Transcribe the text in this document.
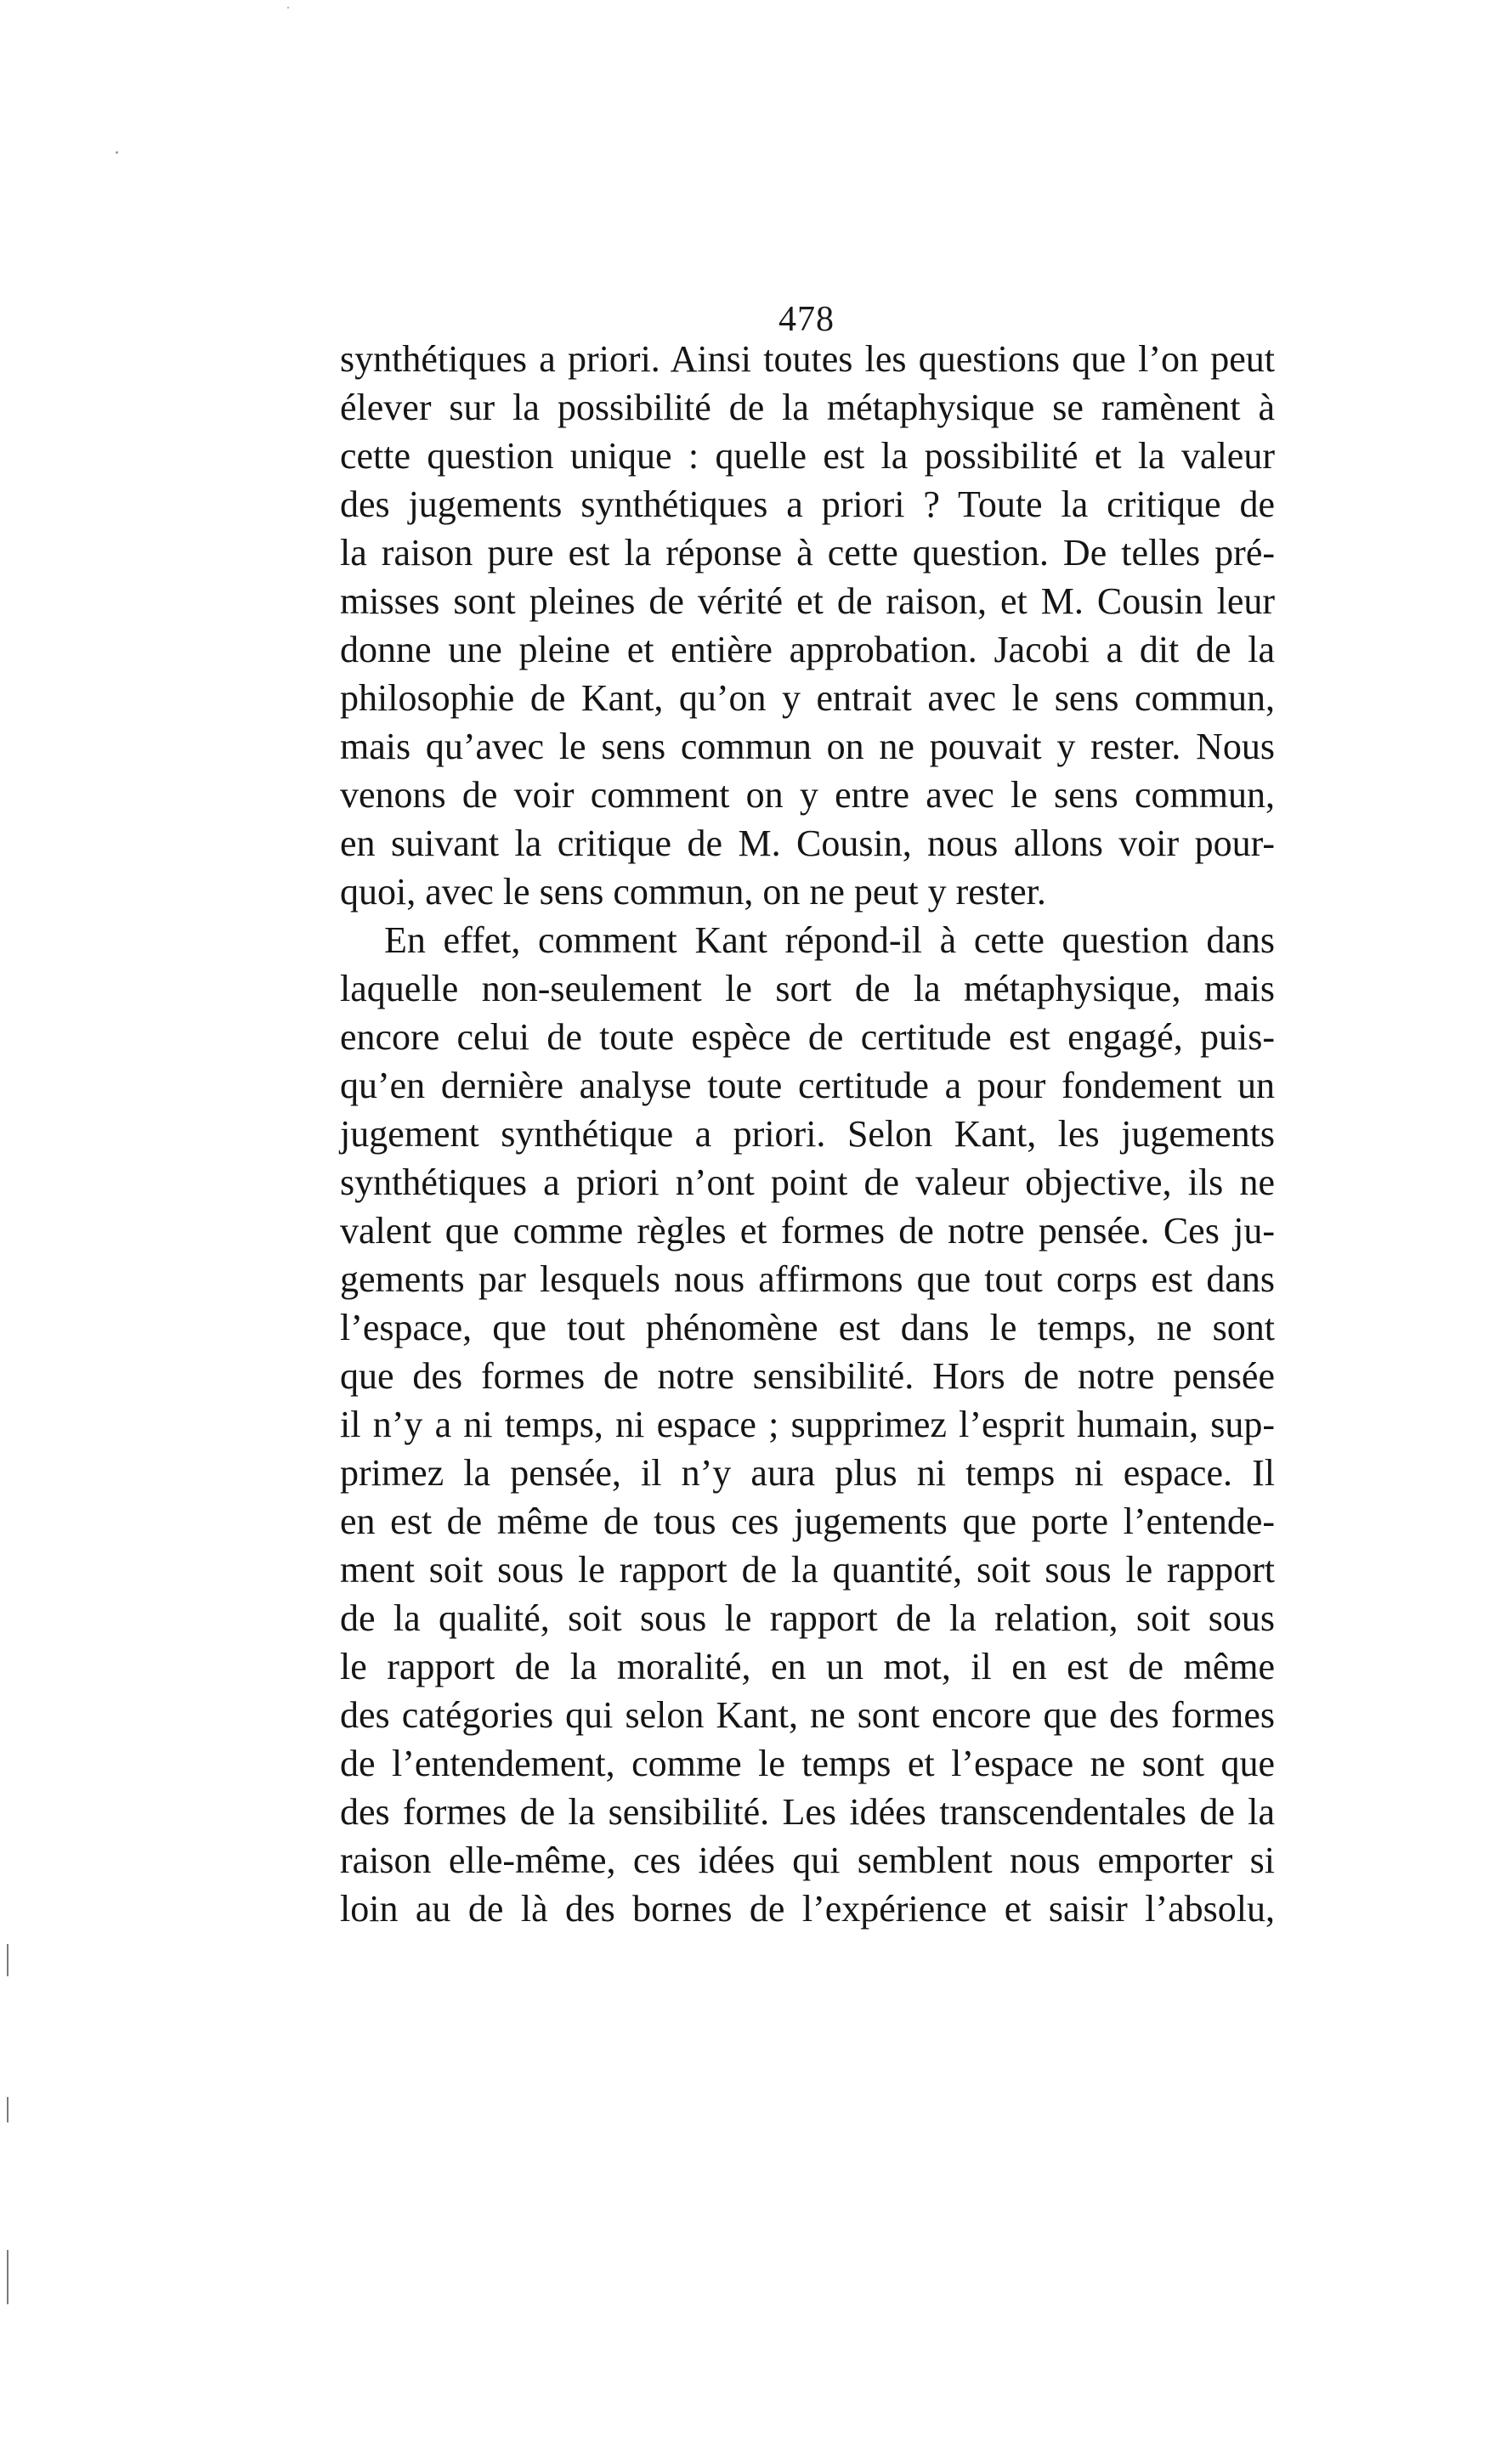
478
synthétiques a priori. Ainsi toutes les questions que l’on peut
élever sur la possibilité de la métaphysique se ramènent à
cette question unique : quelle est la possibilité et la valeur
des jugements synthétiques a priori ? Toute la critique de
la raison pure est la réponse à cette question. De telles pré-
misses sont pleines de vérité et de raison, et M. Cousin leur
donne une pleine et entière approbation. Jacobi a dit de la
philosophie de Kant, qu’on y entrait avec le sens commun,
mais qu’avec le sens commun on ne pouvait y rester. Nous
venons de voir comment on y entre avec le sens commun,
en suivant la critique de M. Cousin, nous allons voir pour-
quoi, avec le sens commun, on ne peut y rester.
En effet, comment Kant répond-il à cette question dans
laquelle non-seulement le sort de la métaphysique, mais
encore celui de toute espèce de certitude est engagé, puis-
qu’en dernière analyse toute certitude a pour fondement un
jugement synthétique a priori. Selon Kant, les jugements
synthétiques a priori n’ont point de valeur objective, ils ne
valent que comme règles et formes de notre pensée. Ces ju-
gements par lesquels nous affirmons que tout corps est dans
l’espace, que tout phénomène est dans le temps, ne sont
que des formes de notre sensibilité. Hors de notre pensée
il n’y a ni temps, ni espace ; supprimez l’esprit humain, sup-
primez la pensée, il n’y aura plus ni temps ni espace. Il
en est de même de tous ces jugements que porte l’entende-
ment soit sous le rapport de la quantité, soit sous le rapport
de la qualité, soit sous le rapport de la relation, soit sous
le rapport de la moralité, en un mot, il en est de même
des catégories qui selon Kant, ne sont encore que des formes
de l’entendement, comme le temps et l’espace ne sont que
des formes de la sensibilité. Les idées transcendentales de la
raison elle-même, ces idées qui semblent nous emporter si
loin au de là des bornes de l’expérience et saisir l’absolu,
